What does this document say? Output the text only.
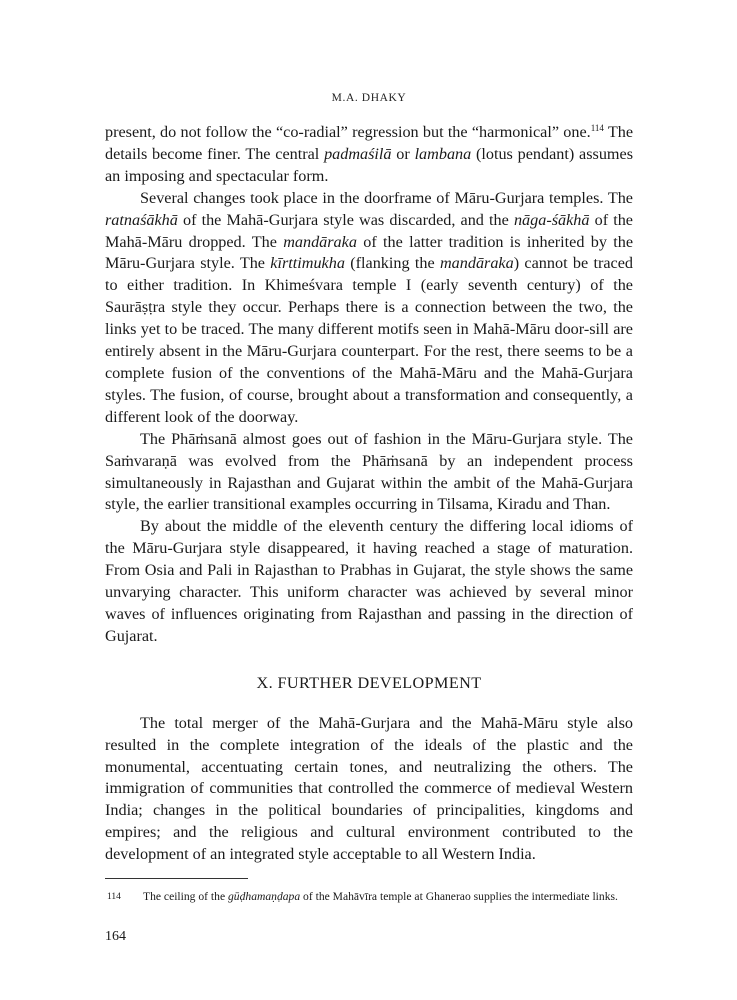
M.A. DHAKY

present, do not follow the “co-radial” regression but the “harmonical” one.$^{114}$ The details become finer. The central padmaśilā or lambana (lotus pendant) assumes an imposing and spectacular form.

Several changes took place in the doorframe of Māru-Gurjara temples. The ratnaśākhā of the Mahā-Gurjara style was discarded, and the nāga-śākhā of the Mahā-Māru dropped. The mandāraka of the latter tradition is inherited by the Māru-Gurjara style. The kīrttimukha (flanking the mandāraka) cannot be traced to either tradition. In Khimeśvara temple I (early seventh century) of the Saurāṣṭra style they occur. Perhaps there is a connection between the two, the links yet to be traced. The many different motifs seen in Mahā-Māru door-sill are entirely absent in the Māru-Gurjara counterpart. For the rest, there seems to be a complete fusion of the conventions of the Mahā-Māru and the Mahā-Gurjara styles. The fusion, of course, brought about a transformation and consequently, a different look of the doorway.

The Phāṁsanā almost goes out of fashion in the Māru-Gurjara style. The Saṁvaraṇā was evolved from the Phāṁsanā by an independent process simultaneously in Rajasthan and Gujarat within the ambit of the Mahā-Gurjara style, the earlier transitional examples occurring in Tilsama, Kiradu and Than.

By about the middle of the eleventh century the differing local idioms of the Māru-Gurjara style disappeared, it having reached a stage of maturation. From Osia and Pali in Rajasthan to Prabhas in Gujarat, the style shows the same unvarying character. This uniform character was achieved by several minor waves of influences originating from Rajasthan and passing in the direction of Gujarat.

X. FURTHER DEVELOPMENT

The total merger of the Mahā-Gurjara and the Mahā-Māru style also resulted in the complete integration of the ideals of the plastic and the monumental, accentuating certain tones, and neutralizing the others. The immigration of communities that controlled the commerce of medieval Western India; changes in the political boundaries of principalities, kingdoms and empires; and the religious and cultural environment contributed to the development of an integrated style acceptable to all Western India.

114	The ceiling of the gūḍhamaṇḍapa of the Mahāvīra temple at Ghanerao supplies the intermediate links.
164
